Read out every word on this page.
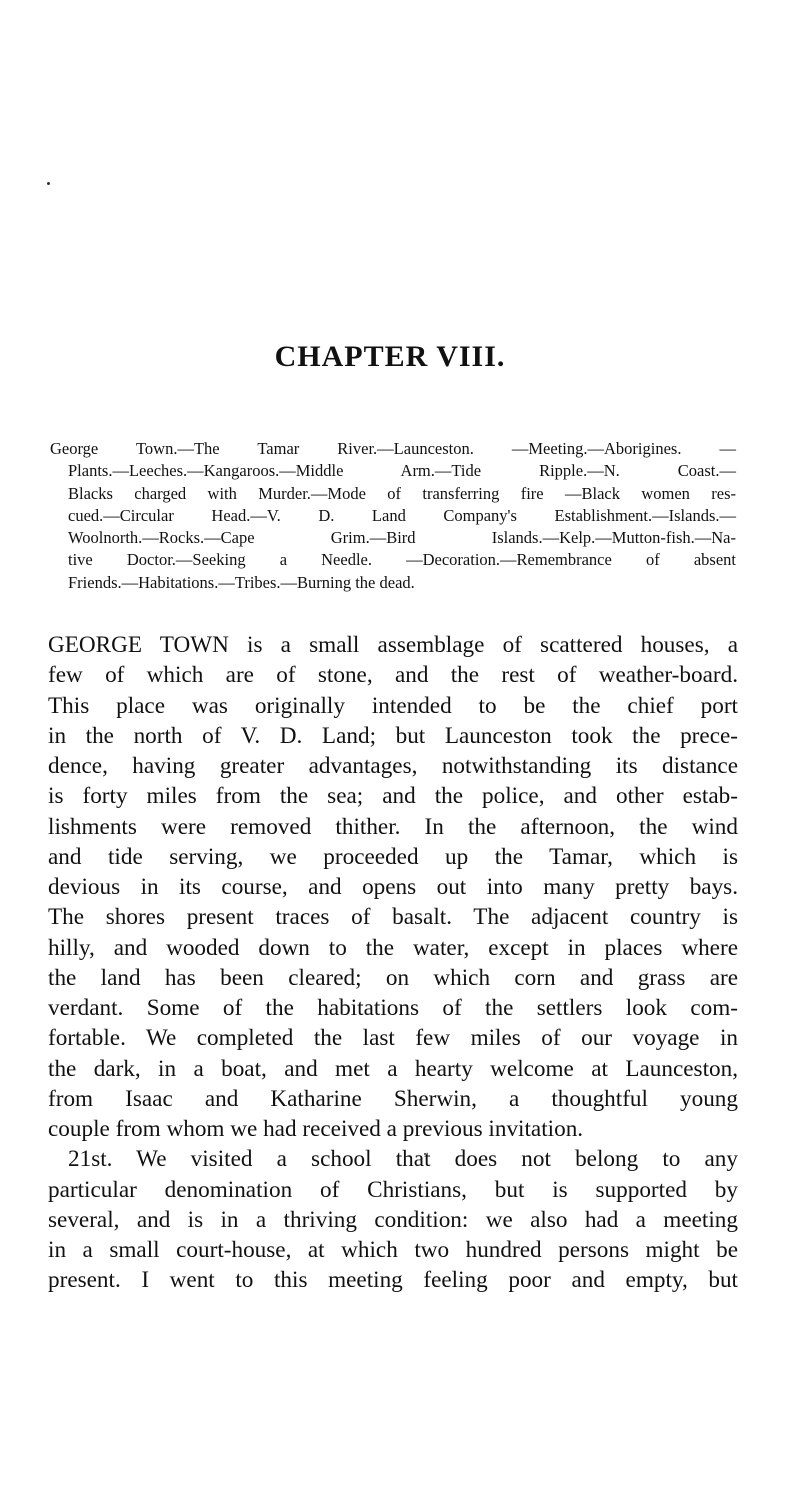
CHAPTER VIII.

George Town.—The Tamar River.—Launceston. —Meeting.—Aborigines. —
Plants.—Leeches.—Kangaroos.—Middle Arm.—Tide Ripple.—N. Coast.—
Blacks charged with Murder.—Mode of transferring fire —Black women res-
cued.—Circular Head.—V. D. Land Company's Establishment.—Islands.—
Woolnorth.—Rocks.—Cape Grim.—Bird Islands.—Kelp.—Mutton-fish.—Na-
tive Doctor.—Seeking a Needle. —Decoration.—Remembrance of absent
Friends.—Habitations.—Tribes.—Burning the dead.

GEORGE TOWN is a small assemblage of scattered houses, a
few of which are of stone, and the rest of weather-board.
This place was originally intended to be the chief port
in the north of V. D. Land; but Launceston took the prece-
dence, having greater advantages, notwithstanding its distance
is forty miles from the sea; and the police, and other estab-
lishments were removed thither. In the afternoon, the wind
and tide serving, we proceeded up the Tamar, which is
devious in its course, and opens out into many pretty bays.
The shores present traces of basalt. The adjacent country is
hilly, and wooded down to the water, except in places where
the land has been cleared; on which corn and grass are
verdant. Some of the habitations of the settlers look com-
fortable. We completed the last few miles of our voyage in
the dark, in a boat, and met a hearty welcome at Launceston,
from Isaac and Katharine Sherwin, a thoughtful young
couple from whom we had received a previous invitation.
21st. We visited a school that does not belong to any
particular denomination of Christians, but is supported by
several, and is in a thriving condition: we also had a meeting
in a small court-house, at which two hundred persons might be
present. I went to this meeting feeling poor and empty, but
